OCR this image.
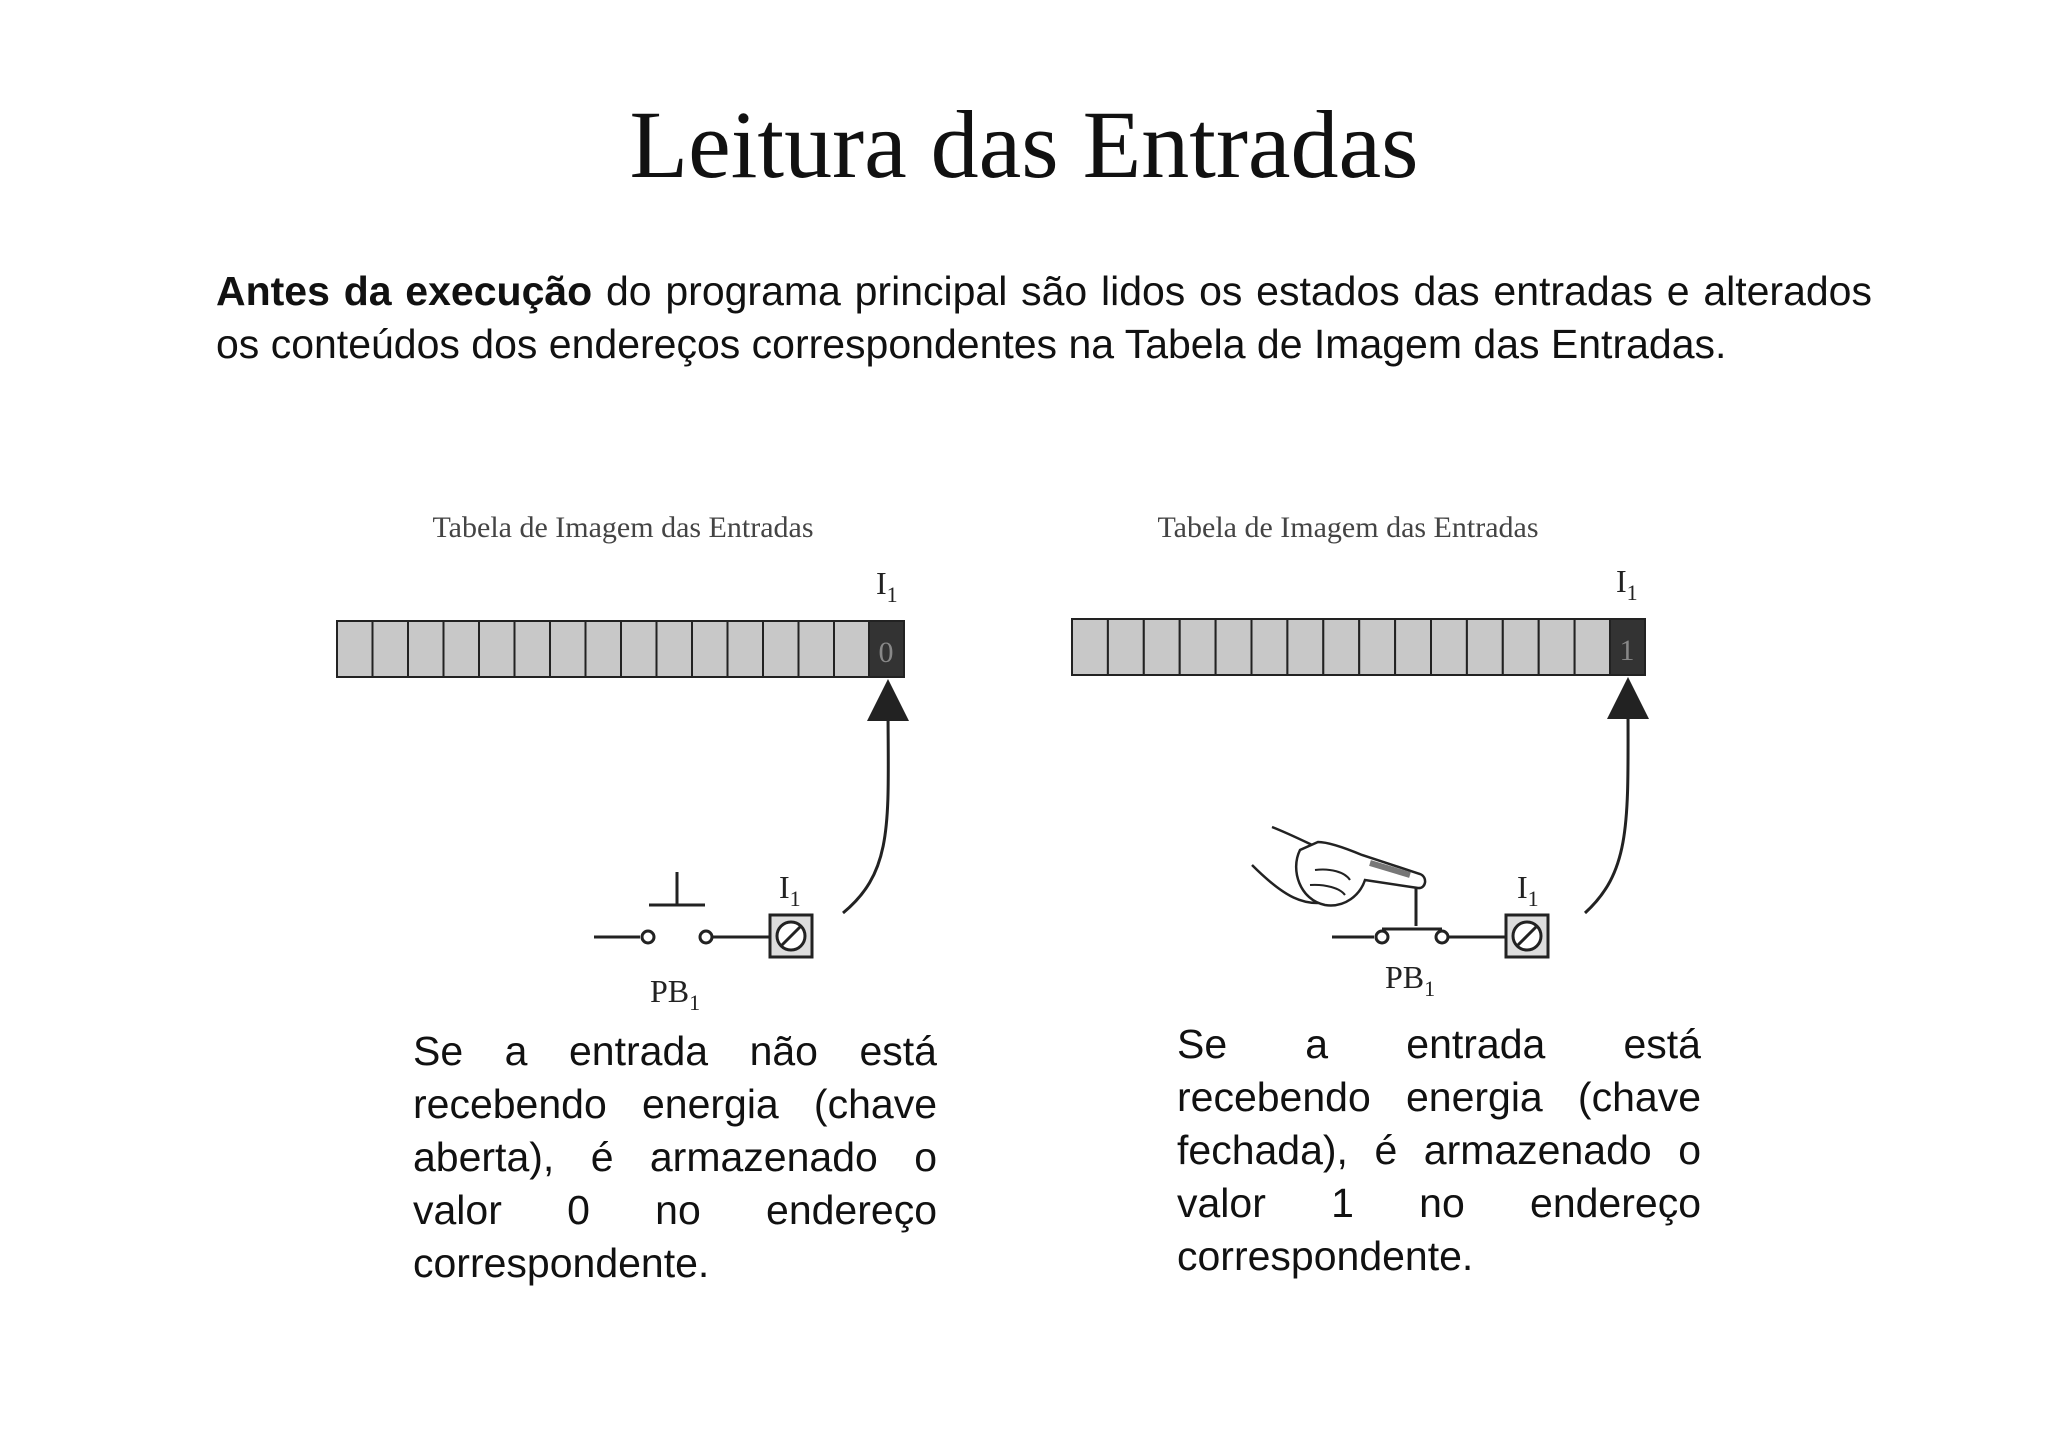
Leitura das Entradas
Antes da execução do programa principal são lidos os estados das entradas e alterados os conteúdos dos endereços correspondentes na Tabela de Imagem das Entradas.
Tabela de Imagem das Entradas
$I_1$
0
$I_1$
$PB_1$
Tabela de Imagem das Entradas
$I_1$
1
$I_1$
$PB_1$
Se a entrada não está recebendo energia (chave aberta), é armazenado o valor 0 no endereço correspondente.
Se a entrada está recebendo energia (chave fechada), é armazenado o valor 1 no endereço correspondente.
